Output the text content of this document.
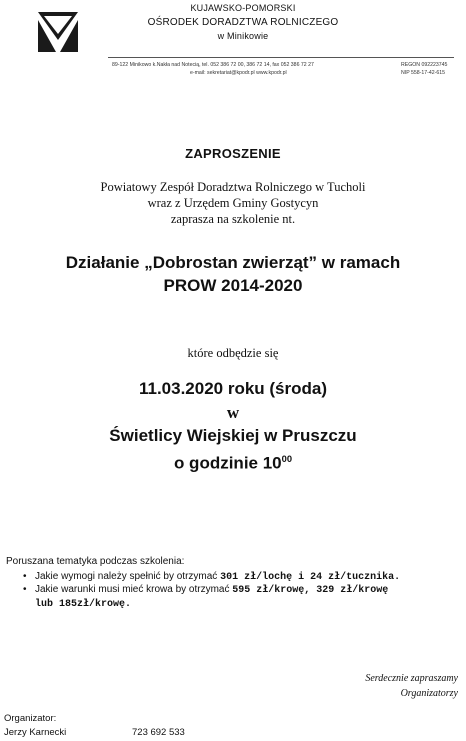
KUJAWSKO-POMORSKI
OŚRODEK DORADZTWA ROLNICZEGO
w Minikowie
89-122 Minikowo k.Nakła nad Notecią, tel. 052 386 72 00, 386 72 14, fax 052 386 72 27
e-mail: sekretariat@kpodr.pl www.kpodr.pl
REGON 092223745
NIP 558-17-42-615
ZAPROSZENIE
Powiatowy Zespół Doradztwa Rolniczego w Tucholi
wraz z Urzędem Gminy Gostycyn
zaprasza na szkolenie nt.
Działanie „Dobrostan zwierząt” w ramach
PROW 2014-2020
które odbędzie się
11.03.2020 roku (środa)
w
Świetlicy Wiejskiej w Pruszczu
o godzinie $10^{00}$
Poruszana tematyka podczas szkolenia:
• Jakie wymogi należy spełnić by otrzymać 301 zł/lochę i 24 zł/tucznika.
• Jakie warunki musi mieć krowa by otrzymać 595 zł/krowę, 329 zł/krowę
lub 185zł/krowę.
Serdecznie zapraszamy
Organizatorzy
Organizator:
Jerzy Karnecki	723 692 533
